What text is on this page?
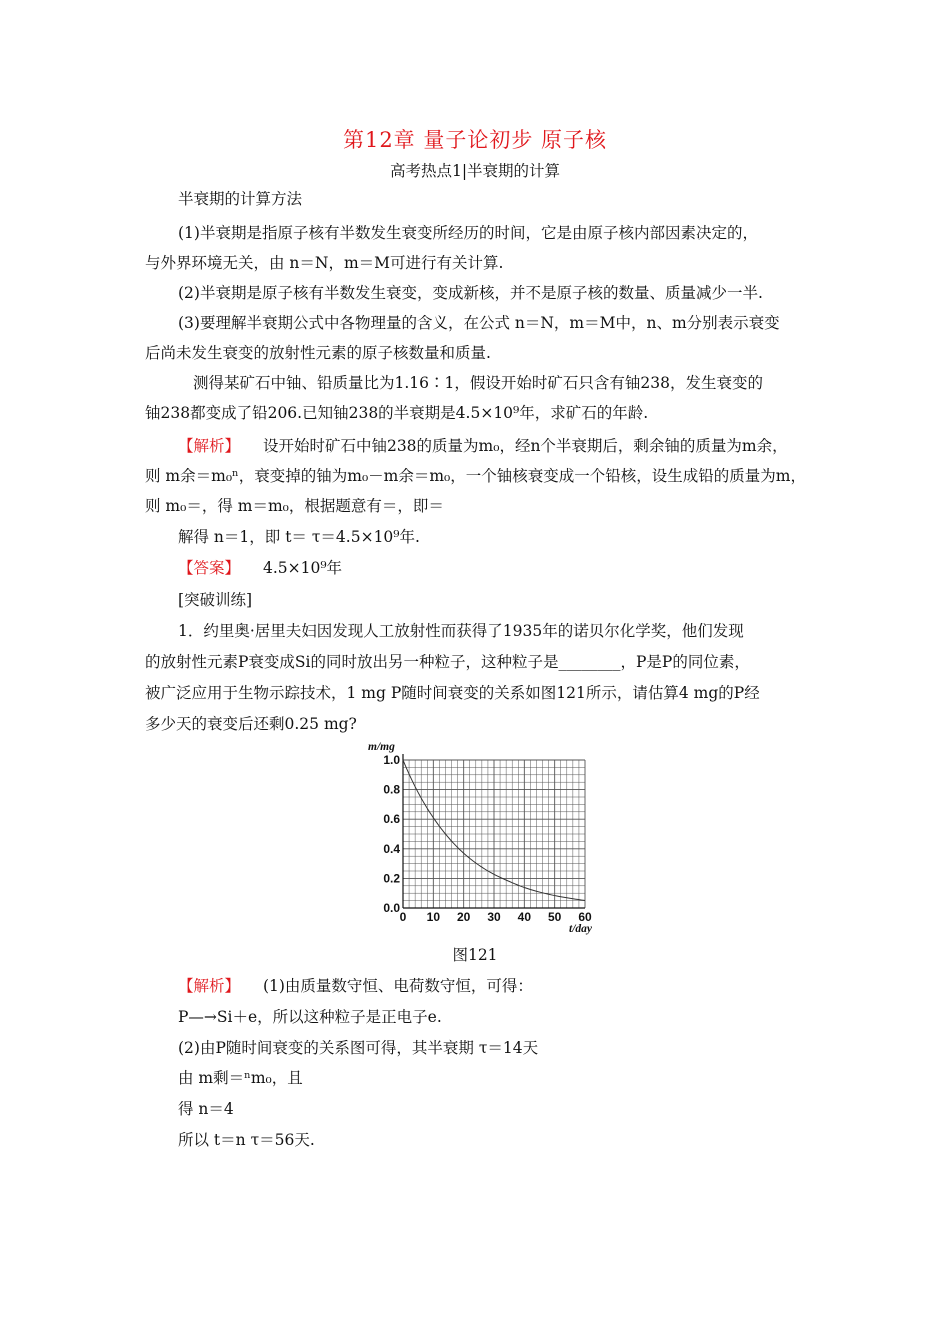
第12章 量子论初步 原子核
高考热点1|半衰期的计算
半衰期的计算方法
(1)半衰期是指原子核有半数发生衰变所经历的时间，它是由原子核内部因素决定的，
与外界环境无关，由 n＝N，m＝M可进行有关计算.
(2)半衰期是原子核有半数发生衰变，变成新核，并不是原子核的数量、质量减少一半.
(3)要理解半衰期公式中各物理量的含义，在公式 n＝N，m＝M中，n、m分别表示衰变
后尚未发生衰变的放射性元素的原子核数量和质量.
测得某矿石中铀、铅质量比为1.16∶1，假设开始时矿石只含有铀238，发生衰变的
铀238都变成了铅206.已知铀238的半衰期是4.5×10⁹年，求矿石的年龄.
【解析】 设开始时矿石中铀238的质量为m₀，经n个半衰期后，剩余铀的质量为m余，
则 m余＝m₀ⁿ，衰变掉的铀为m₀－m余＝m₀，一个铀核衰变成一个铅核，设生成铅的质量为m，
则 m₀＝，得 m＝m₀，根据题意有＝，即＝
解得 n＝1，即 t＝ τ＝4.5×10⁹年.
【答案】 4.5×10⁹年
[突破训练]
1．约里奥·居里夫妇因发现人工放射性而获得了1935年的诺贝尔化学奖，他们发现
的放射性元素P衰变成Si的同时放出另一种粒子，这种粒子是________，P是P的同位素，
被广泛应用于生物示踪技术，1 mg P随时间衰变的关系如图121所示，请估算4 mg的P经
多少天的衰变后还剩0.25 mg?
0 10 20 30 40 50 60
0.0
0.2
0.4
0.6
0.8
1.0
m/mg
t/day
图121
【解析】 (1)由质量数守恒、电荷数守恒，可得：
P—→Si＋e，所以这种粒子是正电子e.
(2)由P随时间衰变的关系图可得，其半衰期 τ＝14天
由 m剩＝ⁿm₀，且
得 n＝4
所以 t＝n τ＝56天.
